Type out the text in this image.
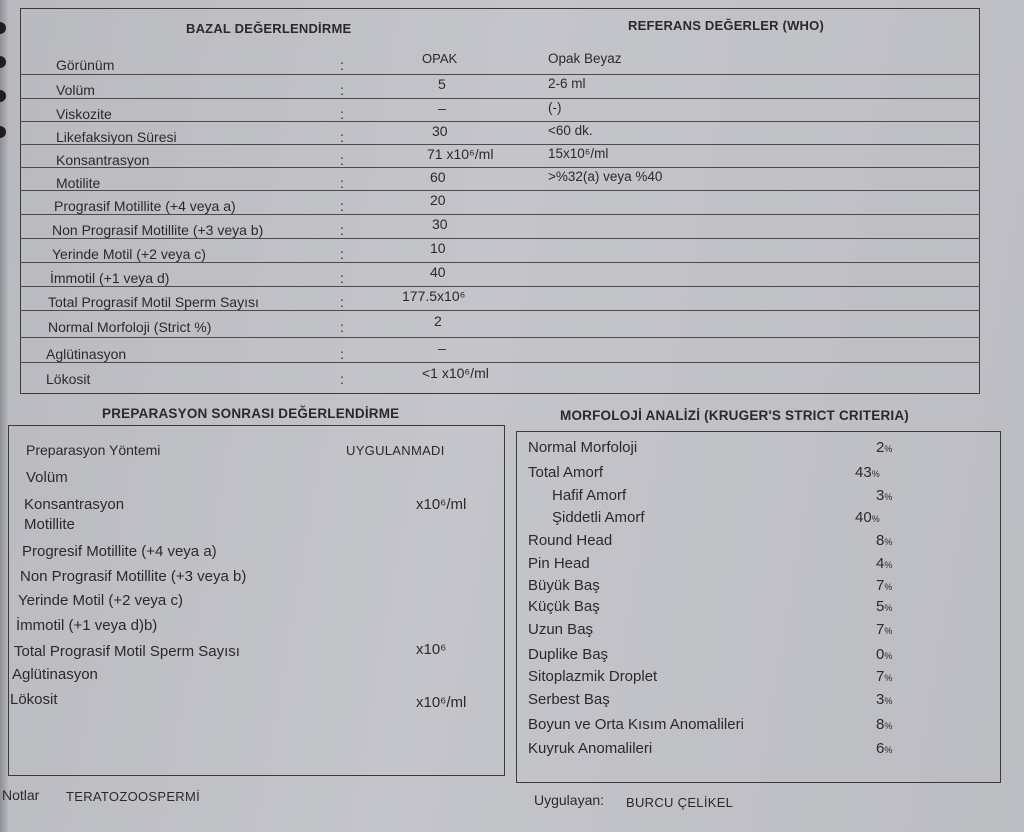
BAZAL DEĞERLENDİRME	REFERANS DEĞERLER (WHO)
Görünüm	:	OPAK	Opak Beyaz
Volüm	:	5	2-6 ml
Viskozite	:	–	(-)
Likefaksiyon Süresi	:	30	<60 dk.
Konsantrasyon	:	71 x10⁶/ml	15x10⁶/ml
Motilite	:	60	>%32(a) veya %40
Prograsif Motillite (+4 veya a)	:	20
Non Prograsif Motillite (+3 veya b)	:	30
Yerinde Motil (+2 veya c)	:	10
İmmotil (+1 veya d)	:	40
Total Prograsif Motil Sperm Sayısı	:	177.5x10⁶
Normal Morfoloji (Strict %)	:	2
Aglütinasyon	:	–
Lökosit	:	<1 x10⁶/ml
PREPARASYON SONRASI DEĞERLENDİRME
Preparasyon Yöntemi	UYGULANMADI
Volüm
Konsantrasyon	x10⁶/ml
Motillite
Progresif Motillite (+4 veya a)
Non Prograsif Motillite (+3 veya b)
Yerinde Motil (+2 veya c)
İmmotil (+1 veya d)b)
Total Prograsif Motil Sperm Sayısı	x10⁶
Aglütinasyon
Lökosit	x10⁶/ml
MORFOLOJİ ANALİZİ (KRUGER'S STRICT CRITERIA)
Normal Morfoloji	2%
Total Amorf	43%
Hafif Amorf	3%
Şiddetli Amorf	40%
Round Head	8%
Pin Head	4%
Büyük Baş	7%
Küçük Baş	5%
Uzun Baş	7%
Duplike Baş	0%
Sitoplazmik Droplet	7%
Serbest Baş	3%
Boyun ve Orta Kısım Anomalileri	8%
Kuyruk Anomalileri	6%
Notlar TERATOZOOSPERMİ	Uygulayan: BURCU ÇELİKEL
